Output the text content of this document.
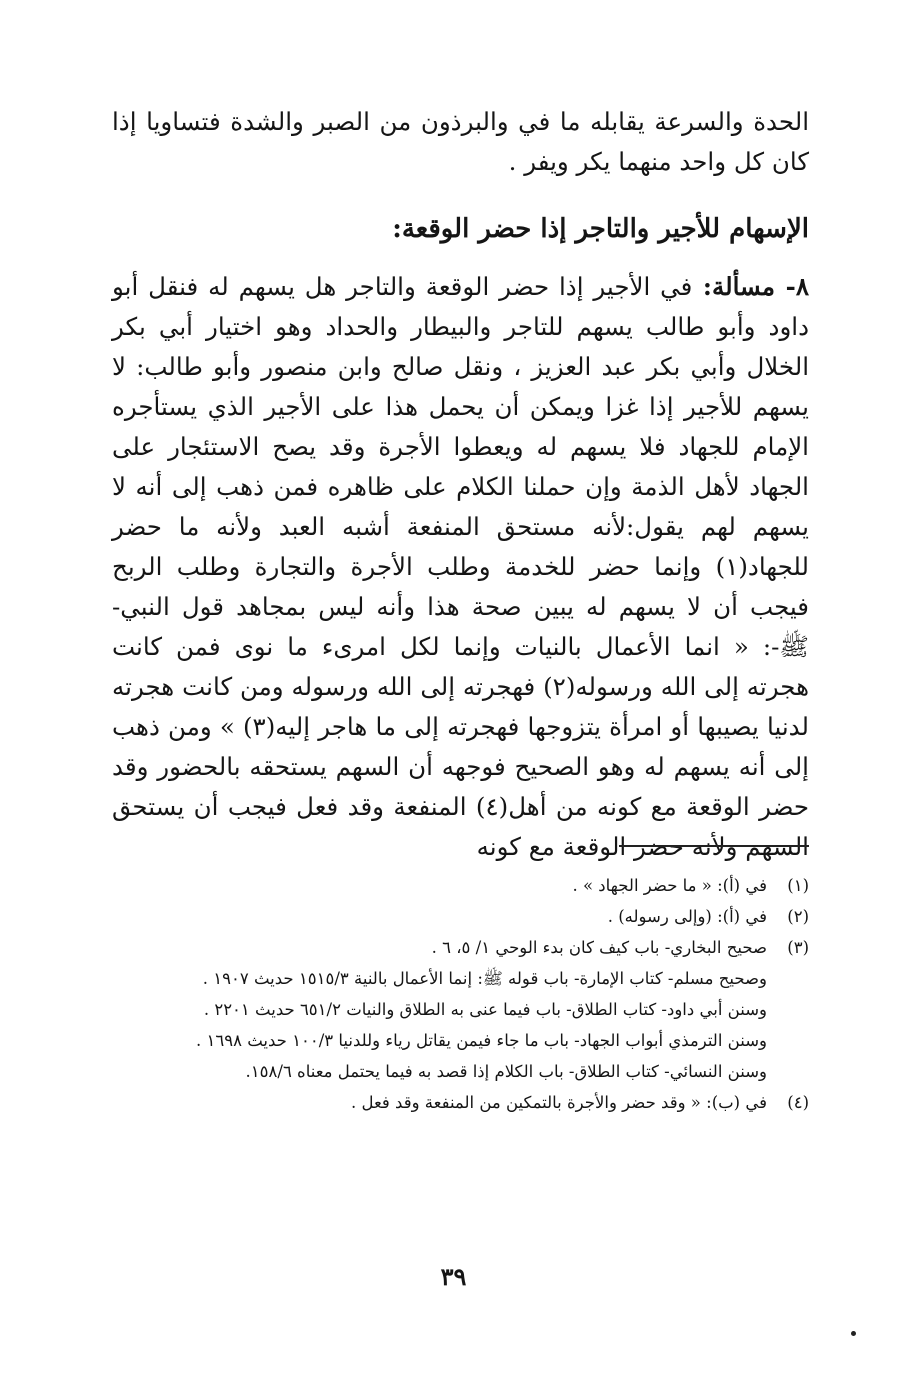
الحدة والسرعة يقابله ما في والبرذون من الصبر والشدة فتساويا إذا كان كل واحد منهما يكر ويفر .

الإسهام للأجير والتاجر إذا حضر الوقعة:

٨- مسألة: في الأجير إذا حضر الوقعة والتاجر هل يسهم له فنقل أبو داود وأبو طالب يسهم للتاجر والبيطار والحداد وهو اختيار أبي بكر الخلال وأبي بكر عبد العزيز ، ونقل صالح وابن منصور وأبو طالب: لا يسهم للأجير إذا غزا ويمكن أن يحمل هذا على الأجير الذي يستأجره الإمام للجهاد فلا يسهم له ويعطوا الأجرة وقد يصح الاستئجار على الجهاد لأهل الذمة وإن حملنا الكلام على ظاهره فمن ذهب إلى أنه لا يسهم لهم يقول:لأنه مستحق المنفعة أشبه العبد ولأنه ما حضر للجهاد(١) وإنما حضر للخدمة وطلب الأجرة والتجارة وطلب الربح فيجب أن لا يسهم له يبين صحة هذا وأنه ليس بمجاهد قول النبي- ﷺ-: « انما الأعمال بالنيات وإنما لكل امرىء ما نوى فمن كانت هجرته إلى الله ورسوله(٢) فهجرته إلى الله ورسوله ومن كانت هجرته لدنيا يصيبها أو امرأة يتزوجها فهجرته إلى ما هاجر إليه(٣) » ومن ذهب إلى أنه يسهم له وهو الصحيح فوجهه أن السهم يستحقه بالحضور وقد حضر الوقعة مع كونه من أهل(٤) المنفعة وقد فعل فيجب أن يستحق السهم ولأنه حضر الوقعة مع كونه

(١)
في (أ): « ما حضر الجهاد » .
(٢)
في (أ): (وإلى رسوله) .
(٣)
صحيح البخاري- باب كيف كان بدء الوحي ١/ ٥، ٦ .
وصحيح مسلم- كتاب الإمارة- باب قوله ﷺ: إنما الأعمال بالنية ١٥١٥/٣ حديث ١٩٠٧ .
وسنن أبي داود- كتاب الطلاق- باب فيما عنى به الطلاق والنيات ٦٥١/٢ حديث ٢٢٠١ .
وسنن الترمذي أبواب الجهاد- باب ما جاء فيمن يقاتل رياء وللدنيا ١٠٠/٣ حديث ١٦٩٨ .
وسنن النسائي- كتاب الطلاق- باب الكلام إذا قصد به فيما يحتمل معناه ١٥٨/٦.
(٤)
في (ب): « وقد حضر والأجرة بالتمكين من المنفعة وقد فعل .
٣٩
